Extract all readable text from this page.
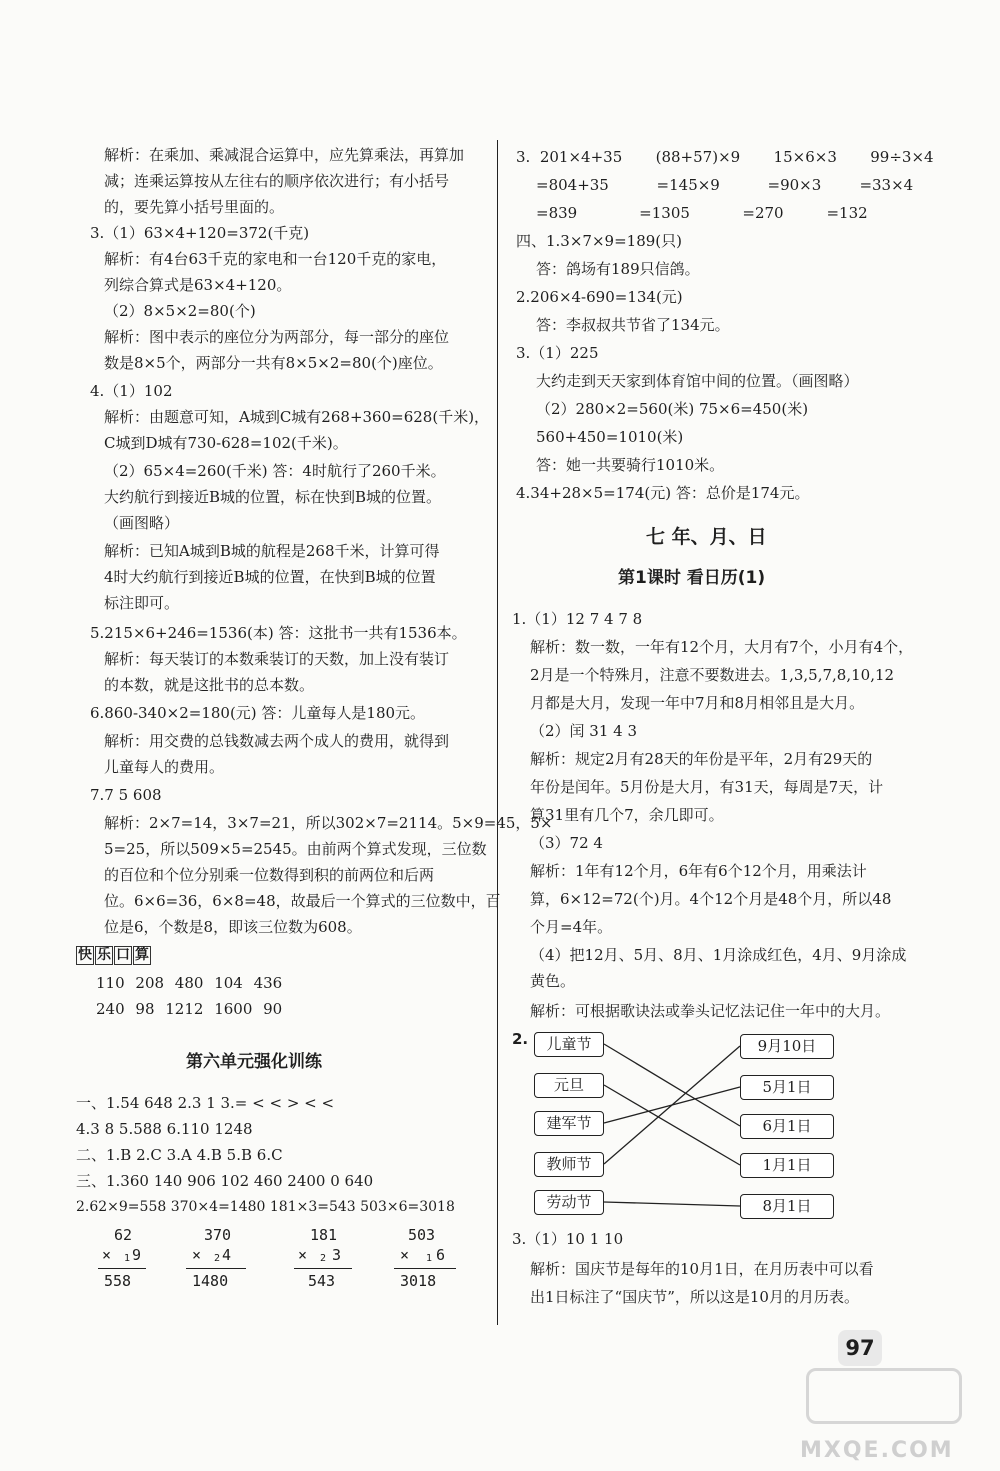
解析：在乘加、乘减混合运算中，应先算乘法，再算加
减；连乘运算按从左往右的顺序依次进行；有小括号
的，要先算小括号里面的。
3.（1）63×4+120=372(千克)
解析：有4台63千克的家电和一台120千克的家电，
列综合算式是63×4+120。
（2）8×5×2=80(个)
解析：图中表示的座位分为两部分，每一部分的座位
数是8×5个，两部分一共有8×5×2=80(个)座位。
4.（1）102
解析：由题意可知，A城到C城有268+360=628(千米)，
C城到D城有730-628=102(千米)。
（2）65×4=260(千米) 答：4时航行了260千米。
大约航行到接近B城的位置，标在快到B城的位置。
（画图略）
解析：已知A城到B城的航程是268千米，计算可得
4时大约航行到接近B城的位置，在快到B城的位置
标注即可。
5.215×6+246=1536(本) 答：这批书一共有1536本。
解析：每天装订的本数乘装订的天数，加上没有装订
的本数，就是这批书的总本数。
6.860-340×2=180(元) 答：儿童每人是180元。
解析：用交费的总钱数减去两个成人的费用，就得到
儿童每人的费用。
7.7 5 608
解析：2×7=14，3×7=21，所以302×7=2114。5×9=45，5×
5=25，所以509×5=2545。由前两个算式发现，三位数
的百位和个位分别乘一位数得到积的前两位和后两
位。6×6=36，6×8=48，故最后一个算式的三位数中，百
位是6，个数是8，即该三位数为608。
快 乐 口 算
110 208 480 104 436
240 98 1212 1600 90
第六单元强化训练
一、1.54 648 2.3 1 3.= < < > < <
4.3 8 5.588 6.110 1248
二、1.B 2.C 3.A 4.B 5.B 6.C
三、1.360 140 906 102 460 2400 0 640
2.62×9=558 370×4=1480 181×3=543 503×6=3018
62
× 1 9
558
370
× 2 4
1480
181
× 2 3
543
503
× 1 6
3018
3.  201×4+35       (88+57)×9       15×6×3       99÷3×4
=804+35          =145×9          =90×3        =33×4
=839             =1305           =270         =132
四、1.3×7×9=189(只)
答：鸽场有189只信鸽。
2.206×4-690=134(元)
答：李叔叔共节省了134元。
3.（1）225
大约走到天天家到体育馆中间的位置。（画图略）
（2）280×2=560(米) 75×6=450(米)
560+450=1010(米)
答：她一共要骑行1010米。
4.34+28×5=174(元) 答：总价是174元。
七 年、月、日
第1课时 看日历(1)
1.（1）12 7 4 7 8
解析：数一数，一年有12个月，大月有7个，小月有4个，
2月是一个特殊月，注意不要数进去。1,3,5,7,8,10,12
月都是大月，发现一年中7月和8月相邻且是大月。
（2）闰 31 4 3
解析：规定2月有28天的年份是平年，2月有29天的
年份是闰年。5月份是大月，有31天，每周是7天，计
算31里有几个7，余几即可。
（3）72 4
解析：1年有12个月，6年有6个12个月，用乘法计
算，6×12=72(个)月。4个12个月是48个月，所以48
个月=4年。
（4）把12月、5月、8月、1月涂成红色，4月、9月涂成
黄色。
解析：可根据歌诀法或拳头记忆法记住一年中的大月。
2.	儿童节
元旦
建军节
教师节
劳动节
9月10日
5月1日
6月1日
1月1日
8月1日
3.（1）10 1 10
解析：国庆节是每年的10月1日，在月历表中可以看
出1日标注了“国庆节”，所以这是10月的月历表。
97
MXQE.COM
